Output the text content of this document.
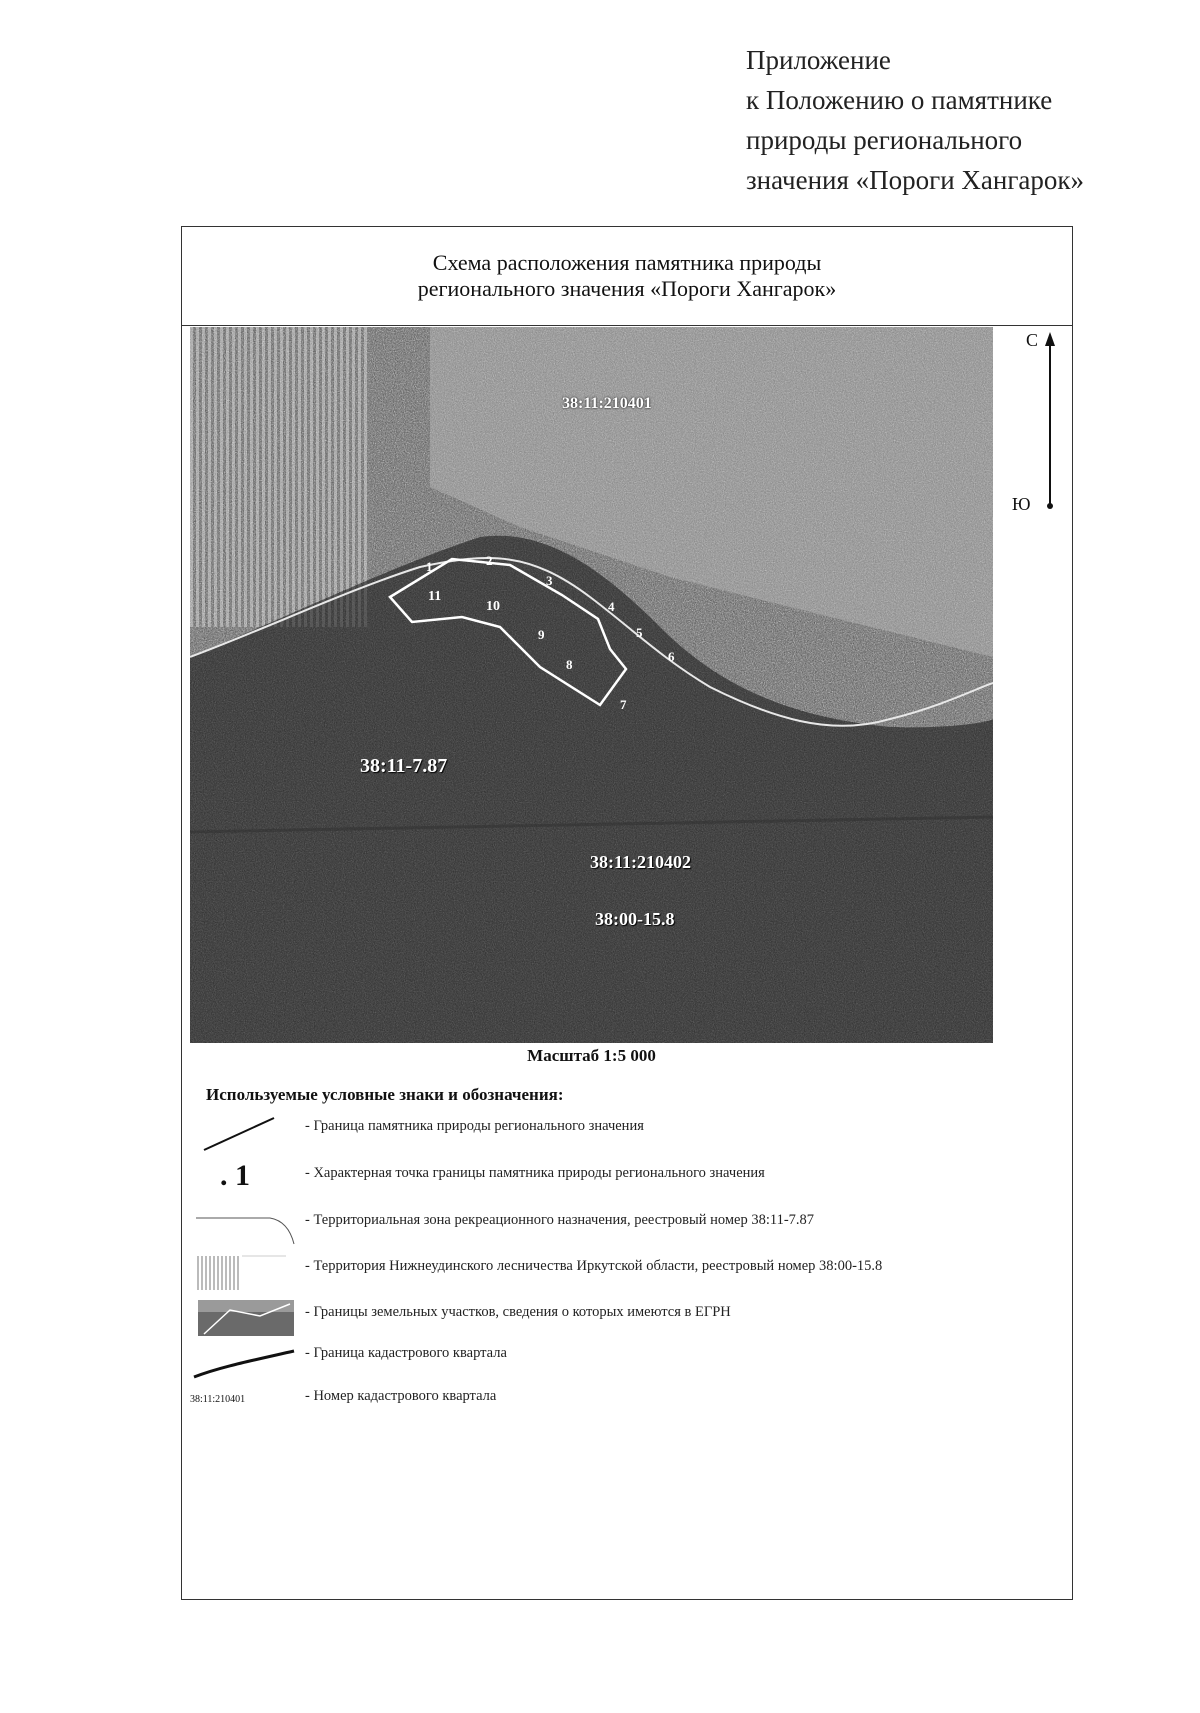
Приложение
к Положению о памятнике
природы регионального
значения «Пороги Хангарок»
Схема расположения памятника природы
регионального значения «Пороги Хангарок»
38:11:210401
38:11-7.87
38:11:210402
38:00-15.8
1	2
3
4
5
6
7
8
9
10
11
С
Ю
Масштаб 1:5 000
Используемые условные знаки и обозначения:
- Граница памятника природы регионального значения
. 1	- Характерная точка границы памятника природы регионального значения
- Территориальная зона рекреационного назначения, реестровый номер 38:11-7.87
- Территория Нижнеудинского лесничества Иркутской области, реестровый номер 38:00-15.8
- Границы земельных участков, сведения о которых имеются в ЕГРН
- Граница кадастрового квартала
38:11:210401	- Номер кадастрового квартала
